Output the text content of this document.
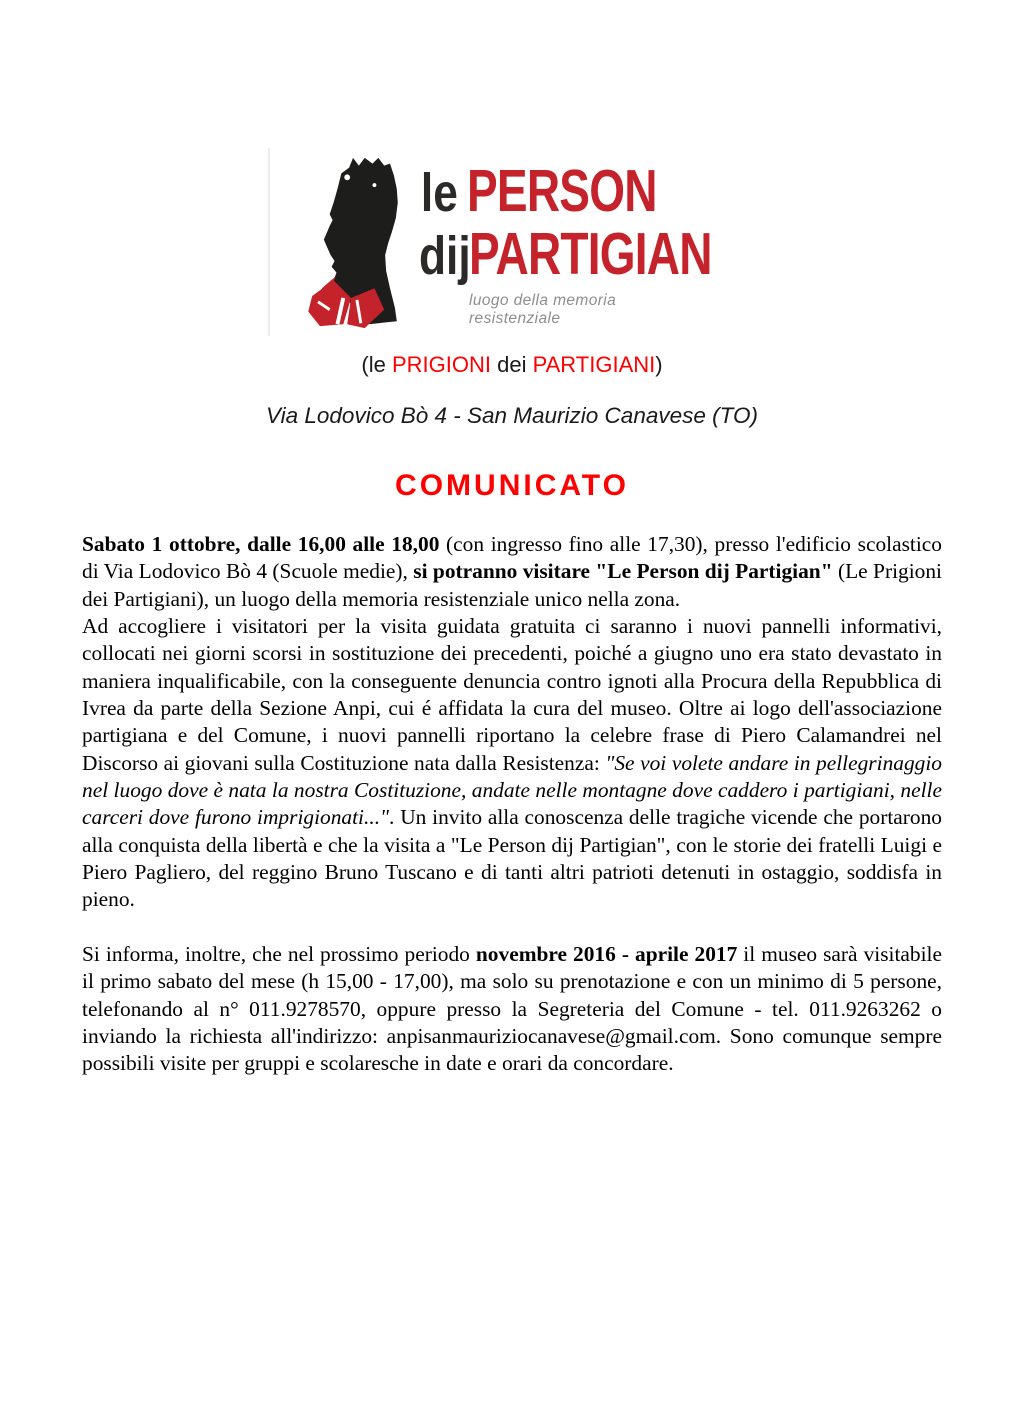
le PERSON
dij
PARTIGIAN
luogo della memoria resistenziale
(le PRIGIONI dei PARTIGIANI)
Via Lodovico Bò 4 - San Maurizio Canavese (TO)
COMUNICATO

Sabato 1 ottobre, dalle 16,00 alle 18,00 (con ingresso fino alle 17,30), presso l'edificio scolastico di Via Lodovico Bò 4 (Scuole medie), si potranno visitare "Le Person dij Partigian" (Le Prigioni dei Partigiani), un luogo della memoria resistenziale unico nella zona.

Ad accogliere i visitatori per la visita guidata gratuita ci saranno i nuovi pannelli informativi, collocati nei giorni scorsi in sostituzione dei precedenti, poiché a giugno uno era stato devastato in maniera inqualificabile, con la conseguente denuncia contro ignoti alla Procura della Repubblica di Ivrea da parte della Sezione Anpi, cui é affidata la cura del museo. Oltre ai logo dell'associazione partigiana e del Comune, i nuovi pannelli riportano la celebre frase di Piero Calamandrei nel Discorso ai giovani sulla Costituzione nata dalla Resistenza: "Se voi volete andare in pellegrinaggio nel luogo dove è nata la nostra Costituzione, andate nelle montagne dove caddero i partigiani, nelle carceri dove furono imprigionati...". Un invito alla conoscenza delle tragiche vicende che portarono alla conquista della libertà e che la visita a "Le Person dij Partigian", con le storie dei fratelli Luigi e Piero Pagliero, del reggino Bruno Tuscano e di tanti altri patrioti detenuti in ostaggio, soddisfa in pieno.

Si informa, inoltre, che nel prossimo periodo novembre 2016 - aprile 2017 il museo sarà visitabile il primo sabato del mese (h 15,00 - 17,00), ma solo su prenotazione e con un minimo di 5 persone, telefonando al n° 011.9278570, oppure presso la Segreteria del Comune - tel. 011.9263262 o inviando la richiesta all'indirizzo: anpisanmauriziocanavese@gmail.com. Sono comunque sempre possibili visite per gruppi e scolaresche in date e orari da concordare.
